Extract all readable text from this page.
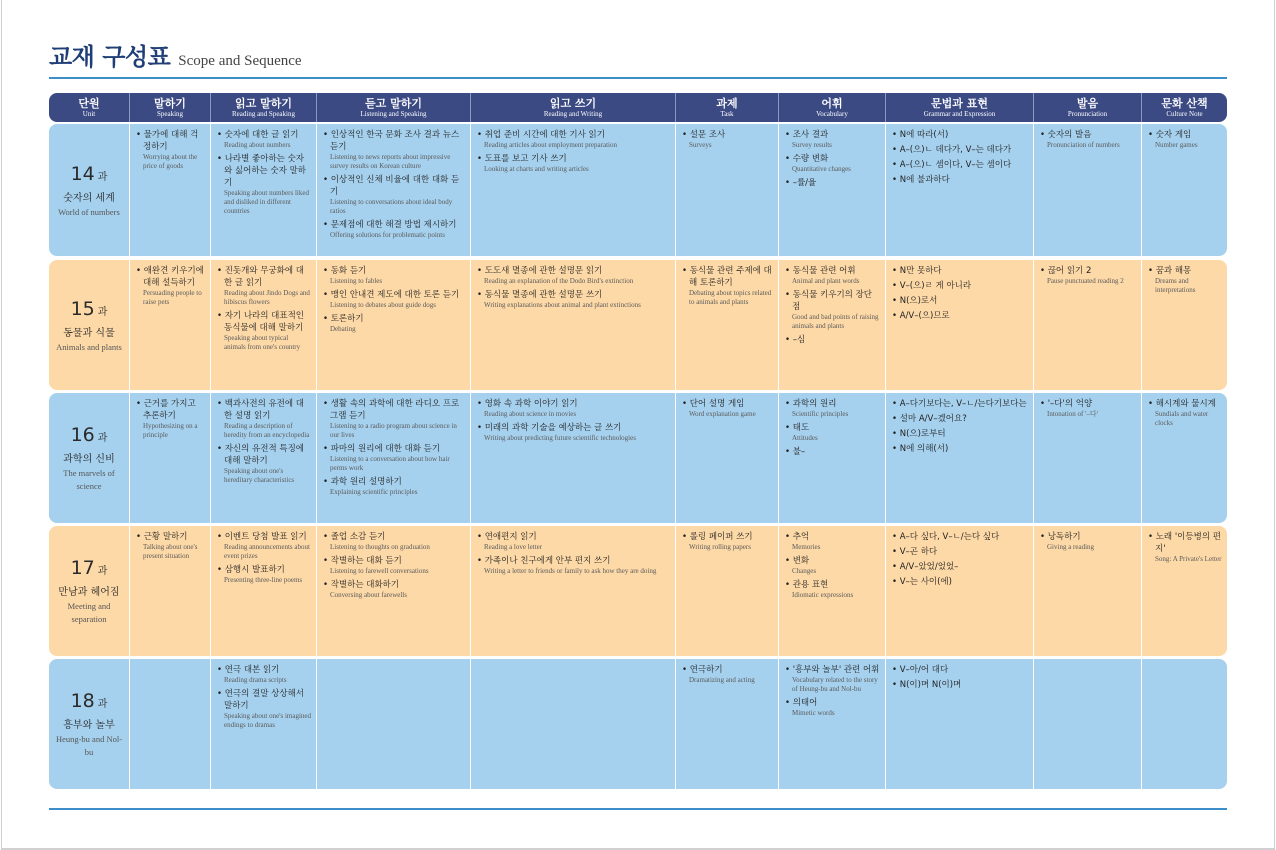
교재 구성표 Scope and Sequence
단원
Unit
말하기
Speaking
읽고 말하기
Reading and Speaking
듣고 말하기
Listening and Speaking
읽고 쓰기
Reading and Writing
과제
Task
어휘
Vocabulary
문법과 표현
Grammar and Expression
발음
Pronunciation
문화 산책
Culture Note
14 과
숫자의 세계
World of numbers
• 물가에 대해 걱정하기
Worrying about the price of goods
• 숫자에 대한 글 읽기
Reading about numbers
• 나라별 좋아하는 숫자와 싫어하는 숫자 말하기
Speaking about numbers liked and disliked in different countries
• 인상적인 한국 문화 조사 결과 뉴스 듣기
Listening to news reports about impressive survey results on Korean culture
• 이상적인 신체 비율에 대한 대화 듣기
Listening to conversations about ideal body ratios
• 문제점에 대한 해결 방법 제시하기
Offering solutions for problematic points
• 취업 준비 시간에 대한 기사 읽기
Reading articles about employment preparation
• 도표를 보고 기사 쓰기
Looking at charts and writing articles
• 설문 조사
Surveys
• 조사 결과
Survey results
• 수량 변화
Quantitative changes
• –률/율
• N에 따라(서)
• A–(으)ㄴ 데다가, V–는 데다가
• A–(으)ㄴ 셈이다, V–는 셈이다
• N에 불과하다
• 숫자의 발음
Pronunciation of numbers
• 숫자 게임
Number games
15 과
동물과 식물
Animals and plants
• 애완견 키우기에 대해 설득하기
Persuading people to raise pets
• 진돗개와 무궁화에 대한 글 읽기
Reading about Jindo Dogs and hibiscus flowers
• 자기 나라의 대표적인 동식물에 대해 말하기
Speaking about typical animals from one's country
• 동화 듣기
Listening to fables
• 맹인 안내견 제도에 대한 토론 듣기
Listening to debates about guide dogs
• 토론하기
Debating
• 도도새 멸종에 관한 설명문 읽기
Reading an explanation of the Dodo Bird's extinction
• 동식물 멸종에 관한 설명문 쓰기
Writing explanations about animal and plant extinctions
• 동식물 관련 주제에 대해 토론하기
Debating about topics related to animals and plants
• 동식물 관련 어휘
Animal and plant words
• 동식물 키우기의 장단점
Good and bad points of raising animals and plants
• –심
• N만 못하다
• V–(으)ㄹ 게 아니라
• N(으)로서
• A/V–(으)므로
• 끊어 읽기 2
Pause punctuated reading 2
• 꿈과 해몽
Dreams and interpretations
16 과
과학의 신비
The marvels of science
• 근거를 가지고 추론하기
Hypothesizing on a principle
• 백과사전의 유전에 대한 설명 읽기
Reading a description of heredity from an encyclopedia
• 자신의 유전적 특징에 대해 말하기
Speaking about one's hereditary characteristics
• 생활 속의 과학에 대한 라디오 프로그램 듣기
Listening to a radio program about science in our lives
• 파마의 원리에 대한 대화 듣기
Listening to a conversation about how hair perms work
• 과학 원리 설명하기
Explaining scientific principles
• 영화 속 과학 이야기 읽기
Reading about science in movies
• 미래의 과학 기술을 예상하는 글 쓰기
Writing about predicting future scientific technologies
• 단어 설명 게임
Word explanation game
• 과학의 원리
Scientific principles
• 태도
Attitudes
• 불–
• A–다기보다는, V–ㄴ/는다기보다는
• 설마 A/V–겠어요?
• N(으)로부터
• N에 의해(서)
• '–다'의 억양
Intonation of '–다'
• 해시계와 물시계
Sundials and water clocks
17 과
만남과 헤어짐
Meeting and separation
• 근황 말하기
Talking about one's present situation
• 이벤트 당첨 발표 읽기
Reading announcements about event prizes
• 삼행시 발표하기
Presenting three-line poems
• 졸업 소감 듣기
Listening to thoughts on graduation
• 작별하는 대화 듣기
Listening to farewell conversations
• 작별하는 대화하기
Conversing about farewells
• 연애편지 읽기
Reading a love letter
• 가족이나 친구에게 안부 편지 쓰기
Writing a letter to friends or family to ask how they are doing
• 롤링 페이퍼 쓰기
Writing rolling papers
• 추억
Memories
• 변화
Changes
• 관용 표현
Idiomatic expressions
• A–다 싶다, V–ㄴ/는다 싶다
• V–곤 하다
• A/V–았었/었었–
• V–는 사이(에)
• 낭독하기
Giving a reading
• 노래 '이등병의 편지'
Song: A Private's Letter
18 과
흥부와 놀부
Heung-bu and Nol-bu
• 연극 대본 읽기
Reading drama scripts
• 연극의 결말 상상해서 말하기
Speaking about one's imagined endings to dramas
• 연극하기
Dramatizing and acting
• '흥부와 놀부' 관련 어휘
Vocabulary related to the story of Heung-bu and Nol-bu
• 의태어
Mimetic words
• V–아/어 대다
• N(이)며 N(이)며
